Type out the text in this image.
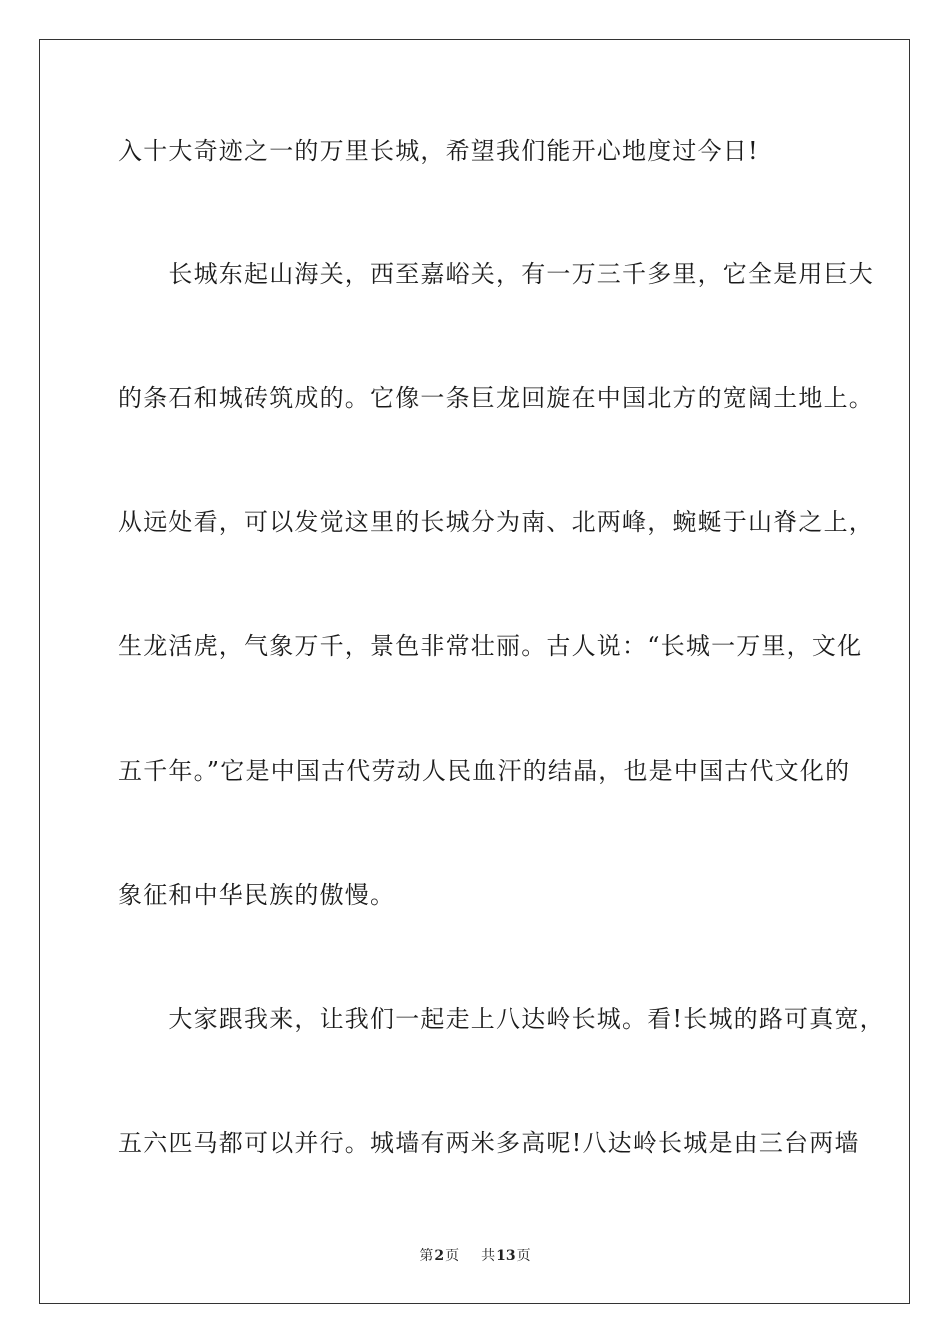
入十大奇迹之一的万里长城，希望我们能开心地度过今日!
　　长城东起山海关，西至嘉峪关，有一万三千多里，它全是用巨大
的条石和城砖筑成的。它像一条巨龙回旋在中国北方的宽阔土地上。
从远处看，可以发觉这里的长城分为南、北两峰，蜿蜒于山脊之上，
生龙活虎，气象万千，景色非常壮丽。古人说：“长城一万里，文化
五千年。”它是中国古代劳动人民血汗的结晶，也是中国古代文化的
象征和中华民族的傲慢。
　　大家跟我来，让我们一起走上八达岭长城。看!长城的路可真宽，
五六匹马都可以并行。城墙有两米多高呢!八达岭长城是由三台两墙
第2页 共13页
